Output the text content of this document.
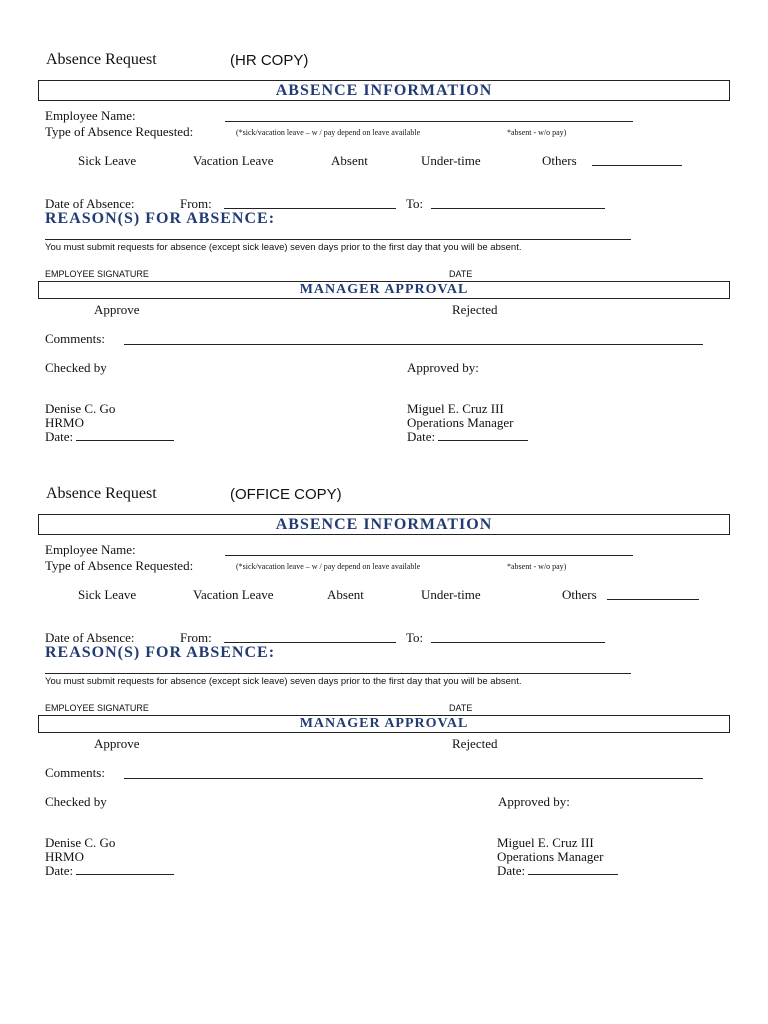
Absence Request	(HR COPY)
ABSENCE INFORMATION
Employee Name:
Type of Absence Requested:	(*sick/vacation leave – w / pay depend on leave available	*absent - w/o pay)
Sick Leave	Vacation Leave	Absent	Under-time	Others
Date of Absence:	From:	To:
REASON(S) FOR ABSENCE:
You must submit requests for absence (except sick leave) seven days prior to the first day that you will be absent.
EMPLOYEE SIGNATURE	DATE
MANAGER APPROVAL
Approve	Rejected
Comments:
Checked by	Approved by:
Denise C. Go
HRMO
Date:
Miguel E. Cruz III
Operations Manager
Date:
Absence Request	(OFFICE COPY)
ABSENCE INFORMATION
Employee Name:
Type of Absence Requested:	(*sick/vacation leave – w / pay depend on leave available	*absent - w/o pay)
Sick Leave	Vacation Leave	Absent	Under-time	Others
Date of Absence:	From:	To:
REASON(S) FOR ABSENCE:
You must submit requests for absence (except sick leave) seven days prior to the first day that you will be absent.
EMPLOYEE SIGNATURE	DATE
MANAGER APPROVAL
Approve	Rejected
Comments:
Checked by	Approved by:
Denise C. Go
HRMO
Date:
Miguel E. Cruz III
Operations Manager
Date:
